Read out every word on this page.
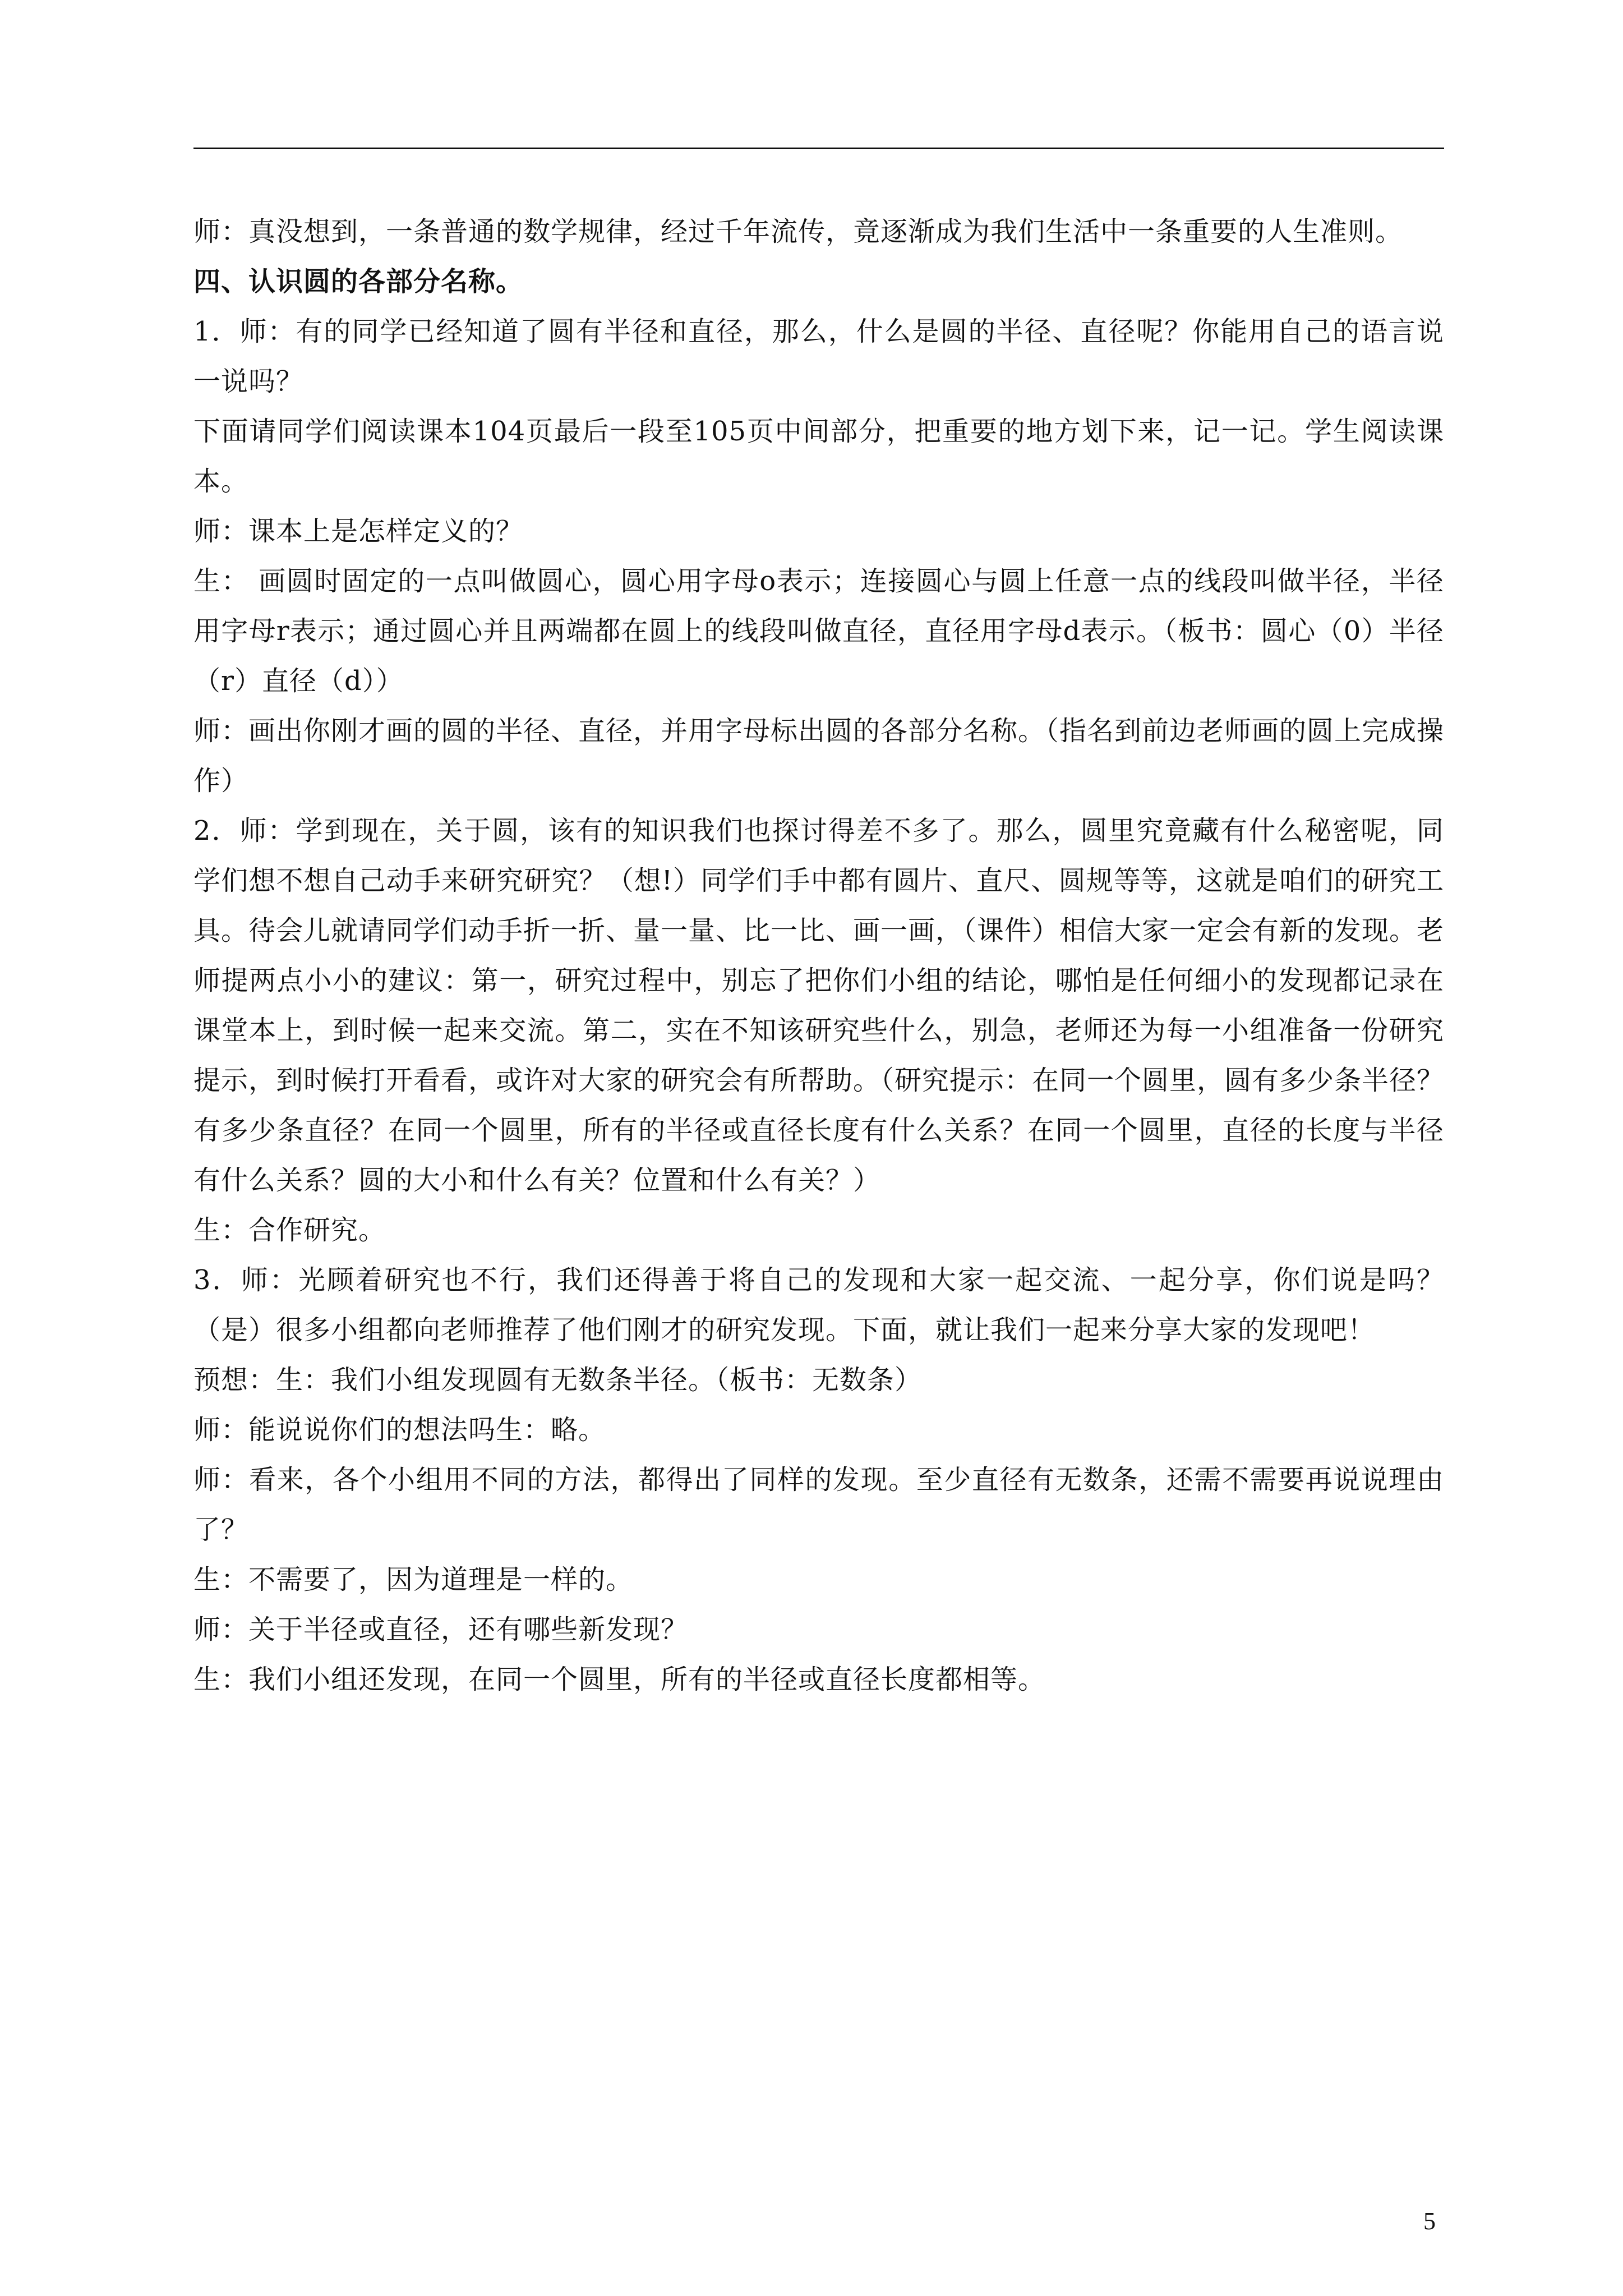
师：真没想到，一条普通的数学规律，经过千年流传，竟逐渐成为我们生活中一条重要的人生准则。

四、认识圆的各部分名称。

1．师：有的同学已经知道了圆有半径和直径，那么，什么是圆的半径、直径呢？你能用自己的语言说一说吗？

下面请同学们阅读课本104页最后一段至105页中间部分，把重要的地方划下来，记一记。学生阅读课本。

师：课本上是怎样定义的？

生： 画圆时固定的一点叫做圆心，圆心用字母o表示；连接圆心与圆上任意一点的线段叫做半径，半径用字母r表示；通过圆心并且两端都在圆上的线段叫做直径，直径用字母d表示。（板书：圆心（0）半径（r）直径（d））

师：画出你刚才画的圆的半径、直径，并用字母标出圆的各部分名称。（指名到前边老师画的圆上完成操作）

2．师：学到现在，关于圆，该有的知识我们也探讨得差不多了。那么，圆里究竟藏有什么秘密呢，同学们想不想自己动手来研究研究？（想!）同学们手中都有圆片、直尺、圆规等等，这就是咱们的研究工具。待会儿就请同学们动手折一折、量一量、比一比、画一画，（课件）相信大家一定会有新的发现。老师提两点小小的建议：第一，研究过程中，别忘了把你们小组的结论，哪怕是任何细小的发现都记录在课堂本上，到时候一起来交流。第二，实在不知该研究些什么，别急，老师还为每一小组准备一份研究提示，到时候打开看看，或许对大家的研究会有所帮助。（研究提示：在同一个圆里，圆有多少条半径？有多少条直径？在同一个圆里，所有的半径或直径长度有什么关系？在同一个圆里，直径的长度与半径有什么关系？圆的大小和什么有关？位置和什么有关？）

生：合作研究。

3．师：光顾着研究也不行，我们还得善于将自己的发现和大家一起交流、一起分享，你们说是吗？（是）很多小组都向老师推荐了他们刚才的研究发现。下面，就让我们一起来分享大家的发现吧！

预想：生：我们小组发现圆有无数条半径。（板书：无数条）

师：能说说你们的想法吗生：略。

师：看来，各个小组用不同的方法，都得出了同样的发现。至少直径有无数条，还需不需要再说说理由了？

生：不需要了，因为道理是一样的。

师：关于半径或直径，还有哪些新发现？

生：我们小组还发现，在同一个圆里，所有的半径或直径长度都相等。

5
